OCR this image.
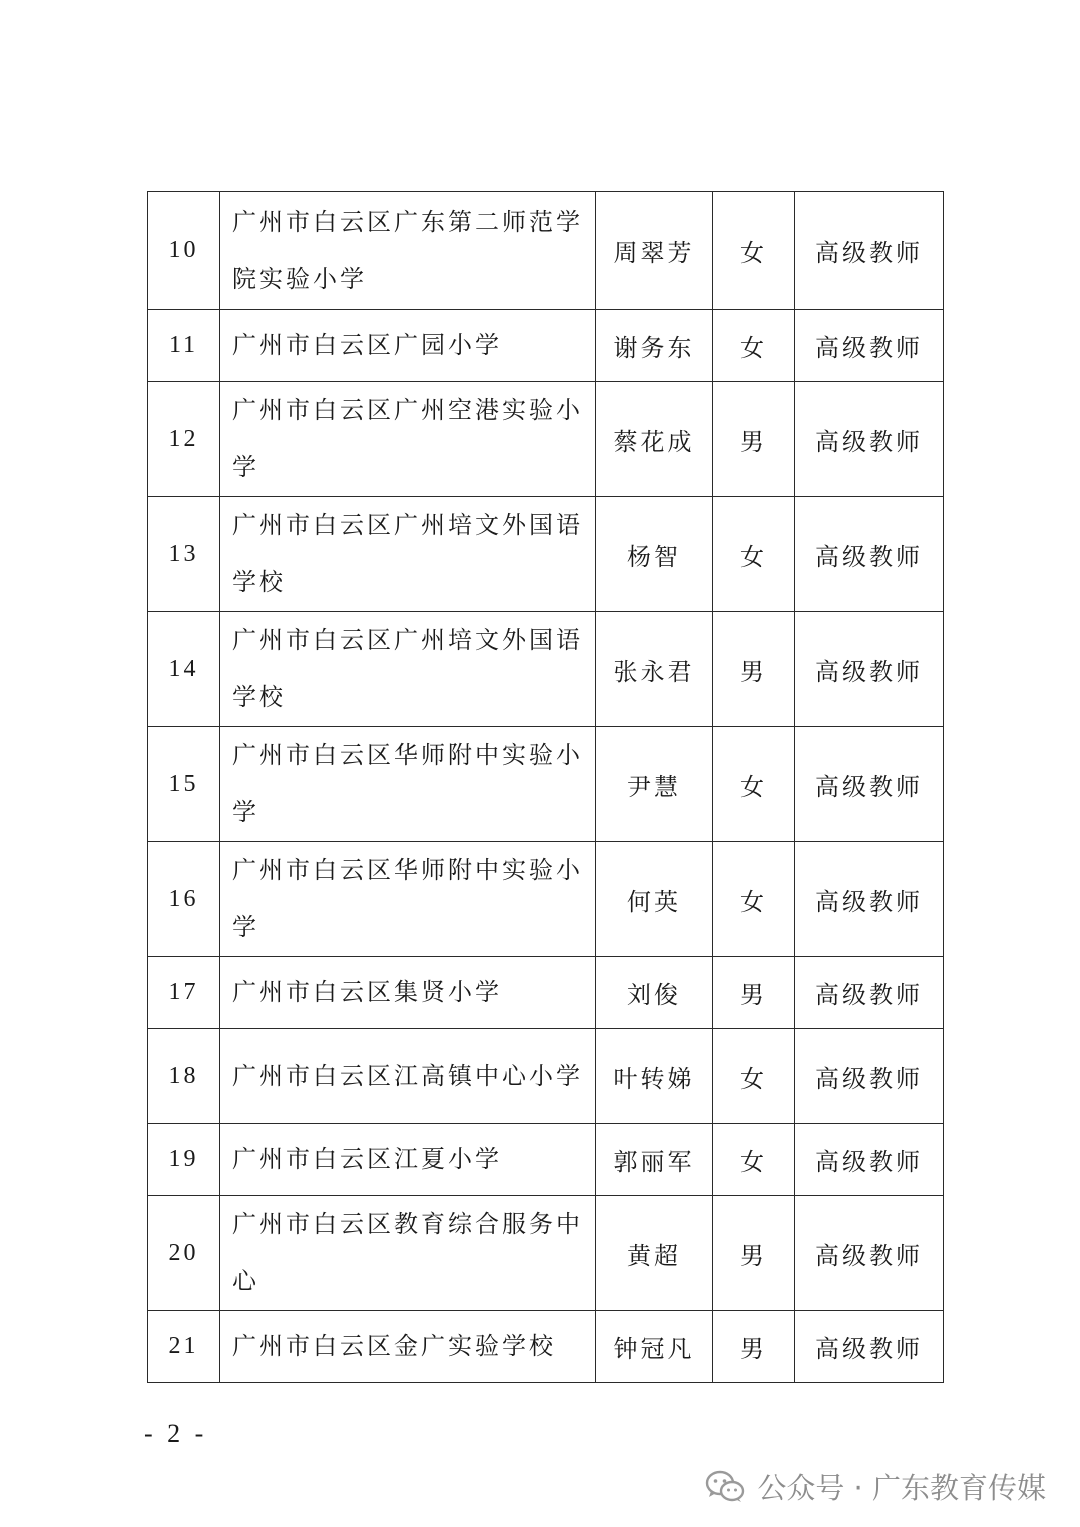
10	广州市白云区广东第二师范学院实验小学	周翠芳	女	高级教师
11	广州市白云区广园小学	谢务东	女	高级教师
12	广州市白云区广州空港实验小学	蔡花成	男	高级教师
13	广州市白云区广州培文外国语学校	杨智	女	高级教师
14	广州市白云区广州培文外国语学校	张永君	男	高级教师
15	广州市白云区华师附中实验小学	尹慧	女	高级教师
16	广州市白云区华师附中实验小学	何英	女	高级教师
17	广州市白云区集贤小学	刘俊	男	高级教师
18	广州市白云区江高镇中心小学	叶转娣	女	高级教师
19	广州市白云区江夏小学	郭丽军	女	高级教师
20	广州市白云区教育综合服务中心	黄超	男	高级教师
21	广州市白云区金广实验学校	钟冠凡	男	高级教师
- 2 -
公众号 · 广东教育传媒
